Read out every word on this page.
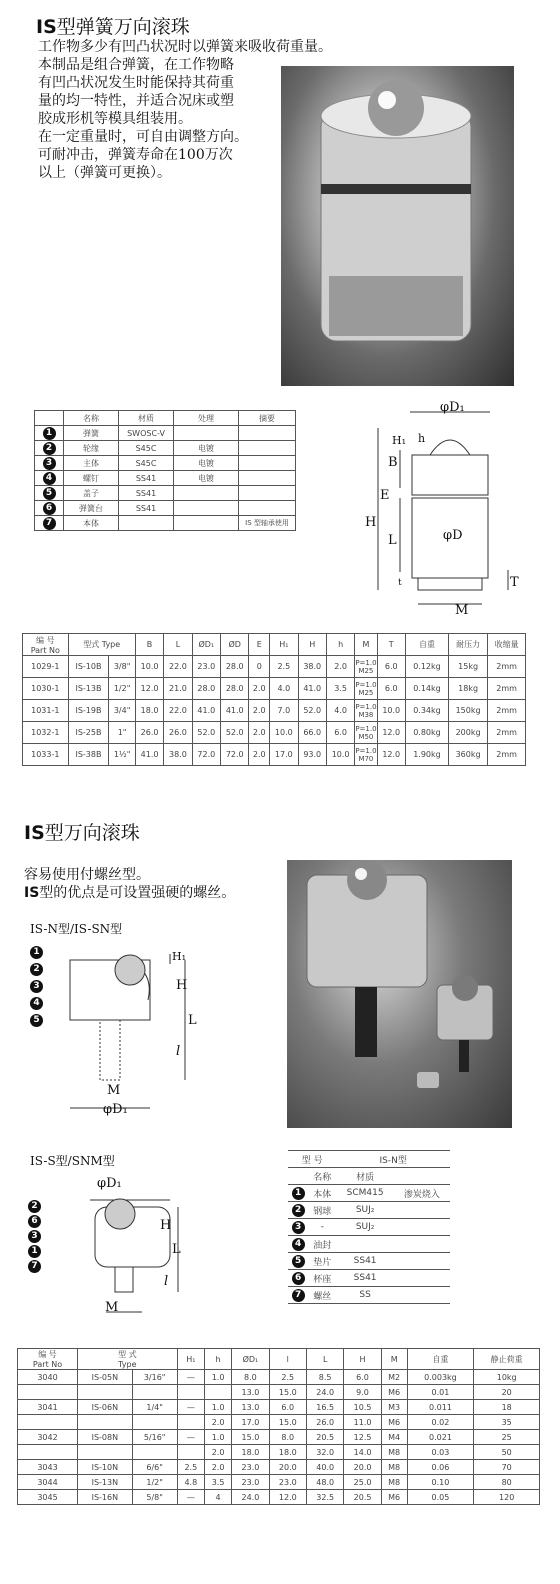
IS型弹簧万向滚珠
工作物多少有凹凸状况时以弹簧来吸收荷重量。
本制品是组合弹簧，在工作物略
有凹凸状况发生时能保持其荷重
量的均一特性，并适合况床或塑
胶成形机等模具组装用。
在一定重量时，可自由调整方向。
可耐冲击，弹簧寿命在100万次
以上（弹簧可更换）。
	名称	材质	处理	摘要
1	弹簧	SWOSC-V		
2	轮缘	S45C	电镀	
3	主体	S45C	电镀	
4	螺钉	SS41	电镀	
5	盖子	SS41		
6	弹簧台	SS41		
7	本体			IS 型轴承使用
φD₁
H₁ h
B
E
H
φD
L
t	T
M
编 号
Part No	型式 Type		B	L	ØD₁	ØD	E	H₁	H	h	M	T	自重	耐压力	收缩量
1029-1	IS-10B	3/8"	10.0	22.0	23.0	28.0	0	2.5	38.0	2.0	P=1.0 M25	6.0	0.12kg	15kg	2mm
1030-1	IS-13B	1/2"	12.0	21.0	28.0	28.0	2.0	4.0	41.0	3.5	P=1.0 M25	6.0	0.14kg	18kg	2mm
1031-1	IS-19B	3/4"	18.0	22.0	41.0	41.0	2.0	7.0	52.0	4.0	P=1.0 M38	10.0	0.34kg	150kg	2mm
1032-1	IS-25B	1"	26.0	26.0	52.0	52.0	2.0	10.0	66.0	6.0	P=1.0 M50	12.0	0.80kg	200kg	2mm
1033-1	IS-38B	1½"	41.0	38.0	72.0	72.0	2.0	17.0	93.0	10.0	P=1.0 M70	12.0	1.90kg	360kg	2mm
IS型万向滚珠
容易使用付螺丝型。
IS型的优点是可设置强硬的螺丝。
IS-N型/IS-SN型
1
2
3
4
5
H₁
H
L
l
M
φD₁
IS-S型/SNM型
2
6
3
1
7
φD₁
H
L
l
M
型 号		IS-N型	
	名称	材质	
1	本体	SCM415	渗炭烧入
2	钢球	SUJ₂	
3	-	SUJ₂	
4	油封		
5	垫片	SS41	
6	杯座	SS41	
7	螺丝	SS	
编 号
Part No	型 式
Type		H₁	h	ØD₁	l	L	H	M	自重	静止荷重
3040	IS-05N	3/16"	—	1.0	8.0	2.5	8.5	6.0	M2	0.003kg	10kg
					13.0	15.0	24.0	9.0	M6	0.01	20
3041	IS-06N	1/4"	—	1.0	13.0	6.0	16.5	10.5	M3	0.011	18
				2.0	17.0	15.0	26.0	11.0	M6	0.02	35
3042	IS-08N	5/16"	—	1.0	15.0	8.0	20.5	12.5	M4	0.021	25
				2.0	18.0	18.0	32.0	14.0	M8	0.03	50
3043	IS-10N	6/6"	2.5	2.0	23.0	20.0	40.0	20.0	M8	0.06	70
3044	IS-13N	1/2"	4.8	3.5	23.0	23.0	48.0	25.0	M8	0.10	80
3045	IS-16N	5/8"	—	4	24.0	12.0	32.5	20.5	M6	0.05	120
